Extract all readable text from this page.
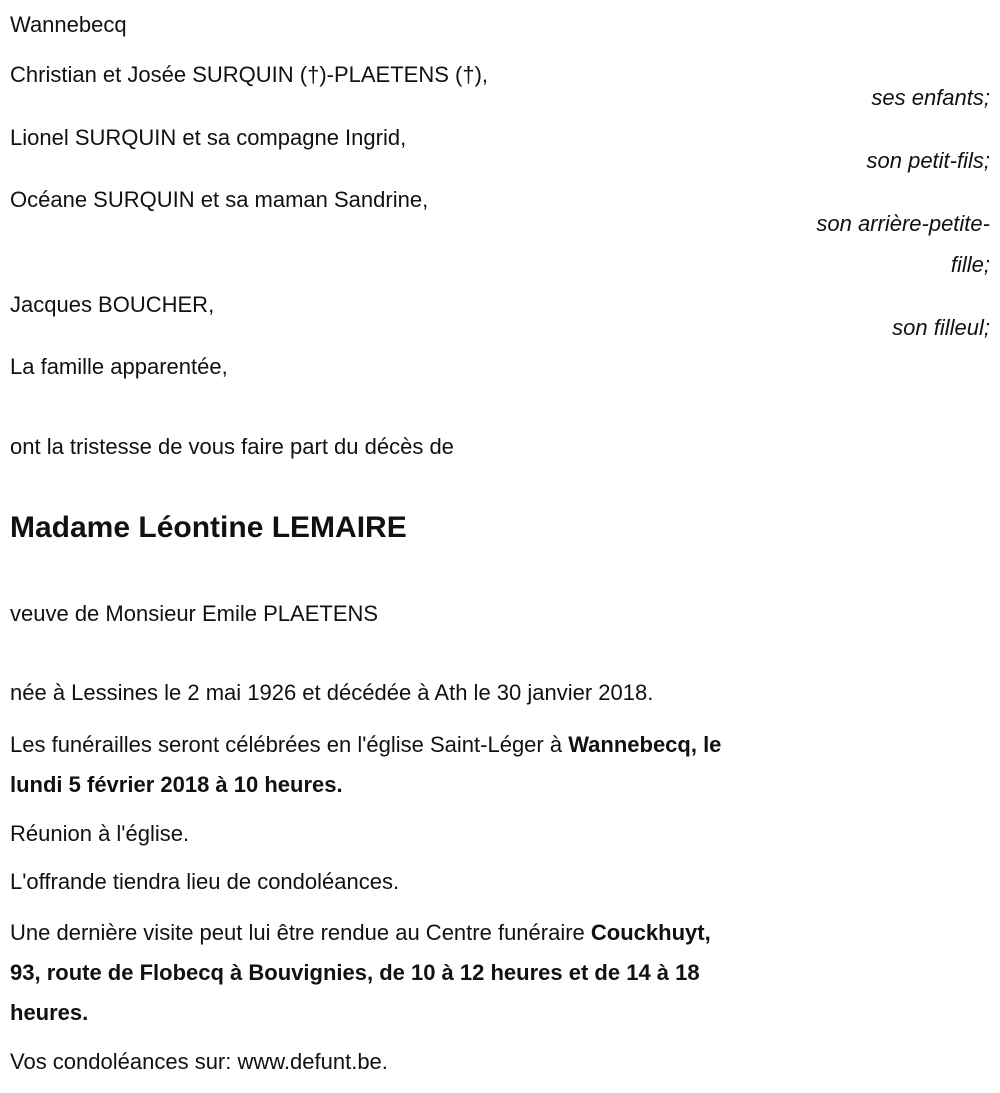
Wannebecq
Christian et Josée SURQUIN (†)-PLAETENS (†),
ses enfants;
Lionel SURQUIN et sa compagne Ingrid,
son petit-fils;
Océane SURQUIN et sa maman Sandrine,
son arrière-petite-
fille;
Jacques BOUCHER,
son filleul;
La famille apparentée,
ont la tristesse de vous faire part du décès de
Madame Léontine LEMAIRE
veuve de Monsieur Emile PLAETENS
née à Lessines le 2 mai 1926 et décédée à Ath le 30 janvier 2018.
Les funérailles seront célébrées en l'église Saint-Léger à Wannebecq, le
lundi 5 février 2018 à 10 heures.
Réunion à l'église.
L'offrande tiendra lieu de condoléances.
Une dernière visite peut lui être rendue au Centre funéraire Couckhuyt,
93, route de Flobecq à Bouvignies, de 10 à 12 heures et de 14 à 18
heures.
Vos condoléances sur: www.defunt.be.
